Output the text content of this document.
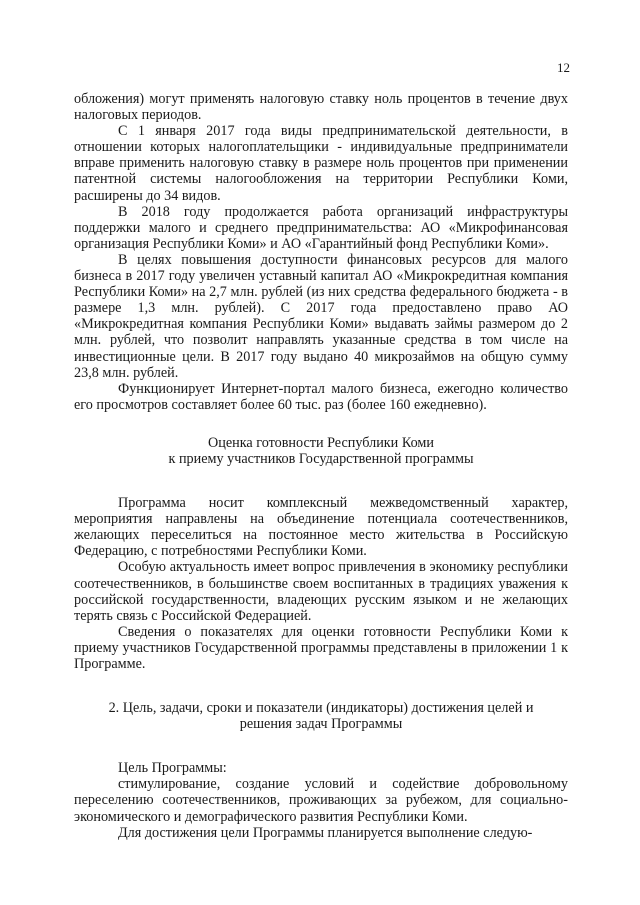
12

обложения) могут применять налоговую ставку ноль процентов в течение двух налоговых периодов.

С 1 января 2017 года виды предпринимательской деятельности, в отношении которых налогоплательщики - индивидуальные предприниматели вправе применить налоговую ставку в размере ноль процентов при применении патентной системы налогообложения на территории Республики Коми, расширены до 34 видов.

В 2018 году продолжается работа организаций инфраструктуры поддержки малого и среднего предпринимательства: АО «Микрофинансовая организация Республики Коми» и АО «Гарантийный фонд Республики Коми».

В целях повышения доступности финансовых ресурсов для малого бизнеса в 2017 году увеличен уставный капитал АО «Микрокредитная компания Республики Коми» на 2,7 млн. рублей (из них средства федерального бюджета - в размере 1,3 млн. рублей). С 2017 года предоставлено право АО «Микрокредитная компания Республики Коми» выдавать займы размером до 2 млн. рублей, что позволит направлять указанные средства в том числе на инвестиционные цели. В 2017 году выдано 40 микрозаймов на общую сумму 23,8 млн. рублей.

Функционирует Интернет-портал малого бизнеса, ежегодно количество его просмотров составляет более 60 тыс. раз (более 160 ежедневно).

Оценка готовности Республики Коми

к приему участников Государственной программы

Программа носит комплексный межведомственный характер, мероприятия направлены на объединение потенциала соотечественников, желающих переселиться на постоянное место жительства в Российскую Федерацию, с потребностями Республики Коми.

Особую актуальность имеет вопрос привлечения в экономику республики соотечественников, в большинстве своем воспитанных в традициях уважения к российской государственности, владеющих русским языком и не желающих терять связь с Российской Федерацией.

Сведения о показателях для оценки готовности Республики Коми к приему участников Государственной программы представлены в приложении 1 к Программе.

2. Цель, задачи, сроки и показатели (индикаторы) достижения целей и

решения задач Программы

Цель Программы:

стимулирование, создание условий и содействие добровольному переселению соотечественников, проживающих за рубежом, для социально-экономического и демографического развития Республики Коми.

Для достижения цели Программы планируется выполнение следую-
